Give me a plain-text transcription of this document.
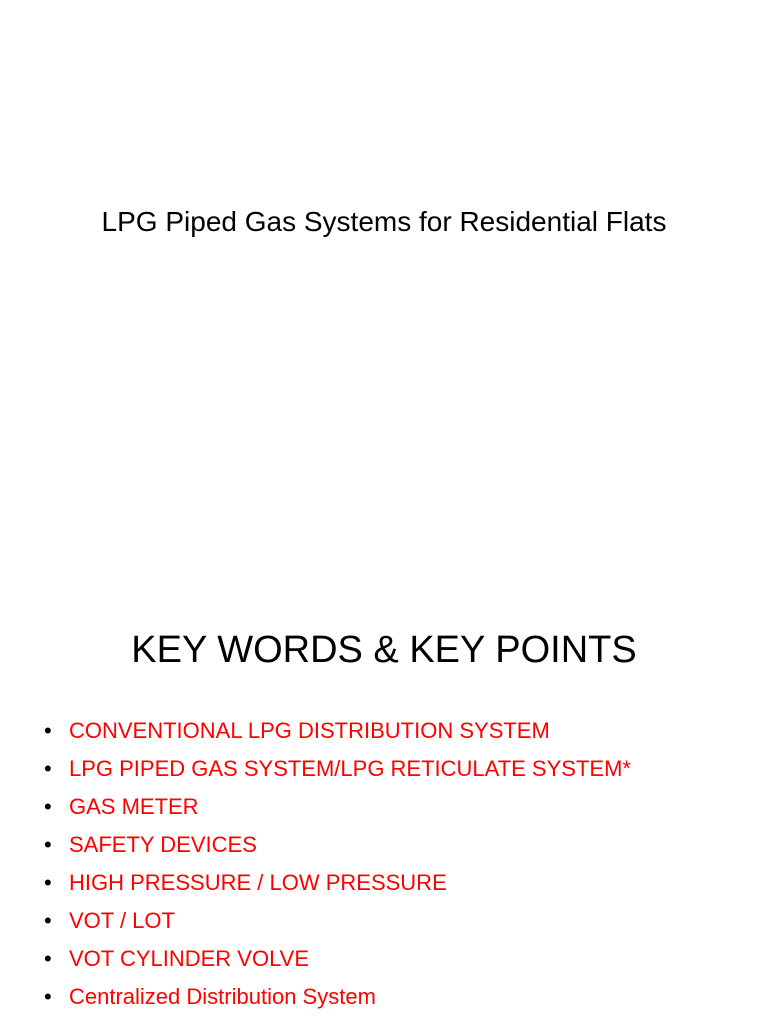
LPG Piped Gas Systems for Residential Flats
KEY WORDS & KEY POINTS
• CONVENTIONAL LPG DISTRIBUTION SYSTEM
• LPG PIPED GAS SYSTEM/LPG RETICULATE SYSTEM*
• GAS METER
• SAFETY DEVICES
• HIGH PRESSURE / LOW PRESSURE
• VOT / LOT
• VOT CYLINDER VOLVE
• Centralized Distribution System
